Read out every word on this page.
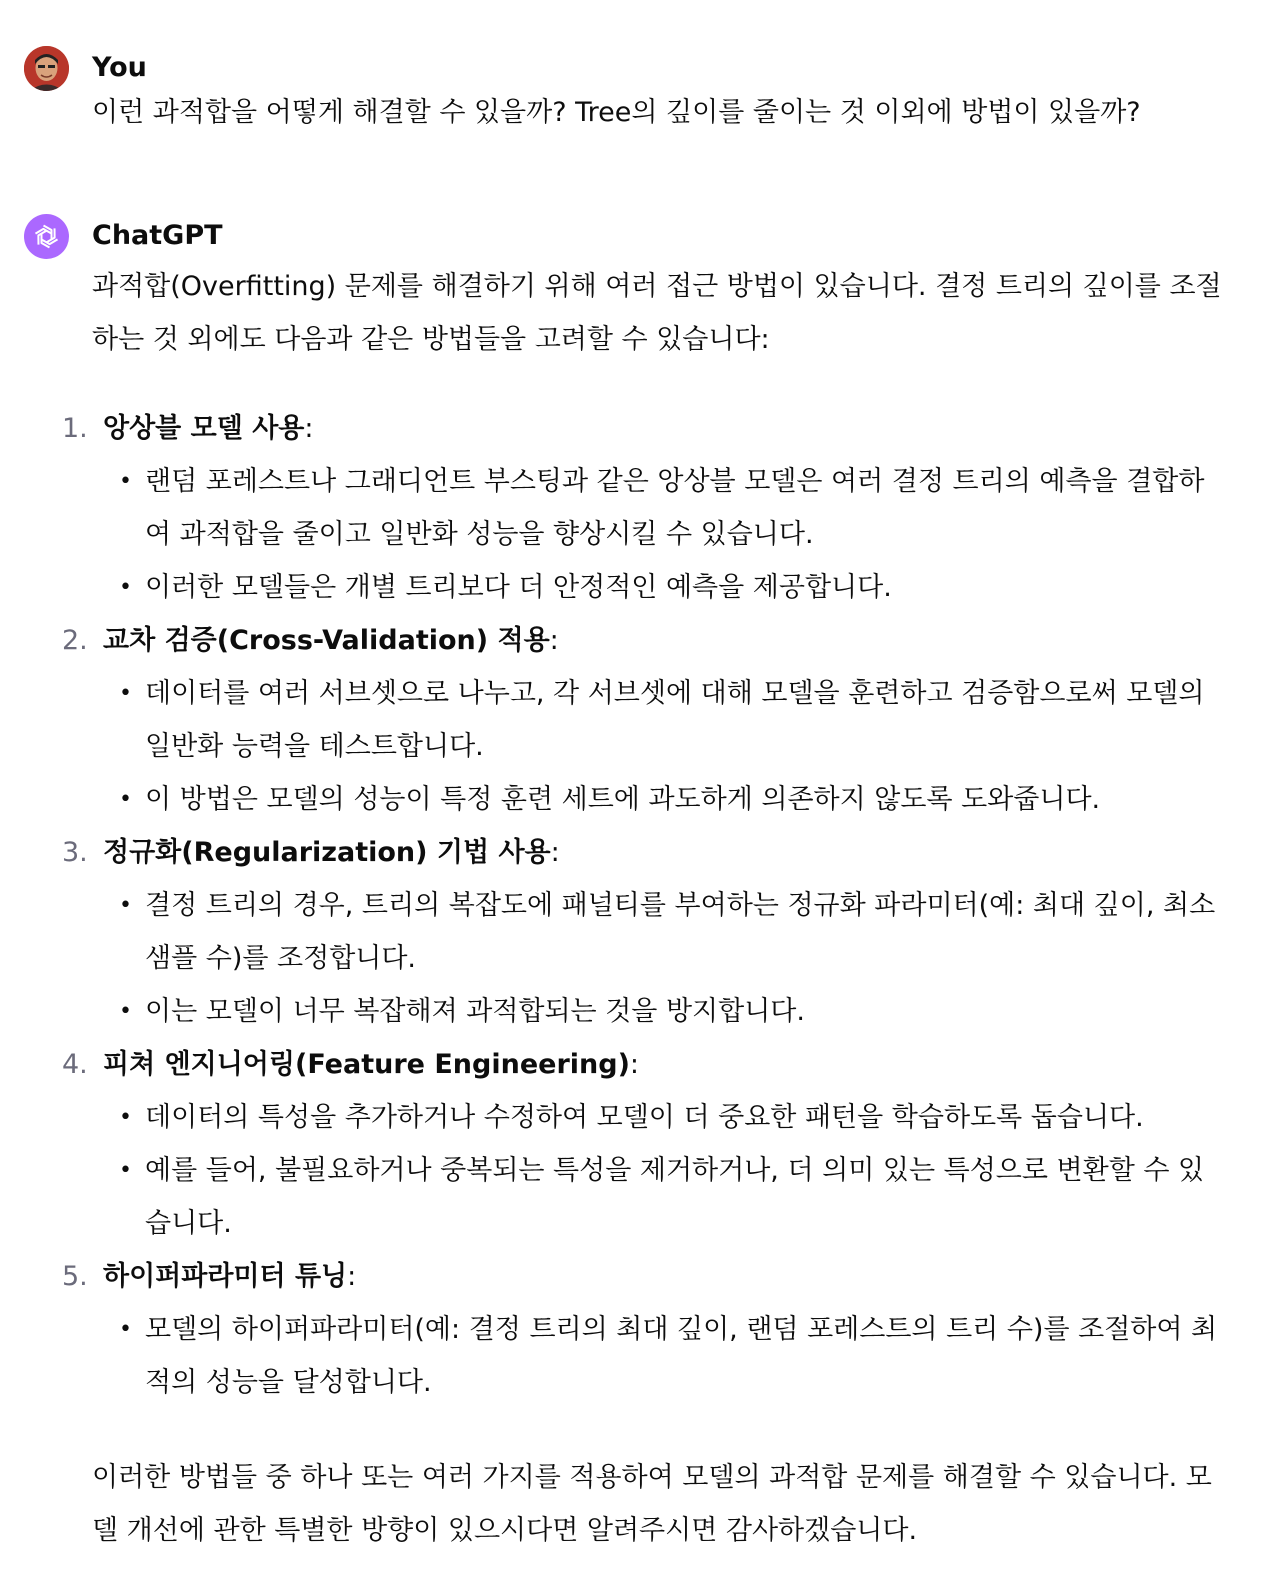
You
이런 과적합을 어떻게 해결할 수 있을까? Tree의 깊이를 줄이는 것 이외에 방법이 있을까?
ChatGPT
과적합(Overfitting) 문제를 해결하기 위해 여러 접근 방법이 있습니다. 결정 트리의 깊이를 조절하는 것 외에도 다음과 같은 방법들을 고려할 수 있습니다:
1. 앙상블 모델 사용:
• 랜덤 포레스트나 그래디언트 부스팅과 같은 앙상블 모델은 여러 결정 트리의 예측을 결합하여 과적합을 줄이고 일반화 성능을 향상시킬 수 있습니다.
• 이러한 모델들은 개별 트리보다 더 안정적인 예측을 제공합니다.
2. 교차 검증(Cross-Validation) 적용:
• 데이터를 여러 서브셋으로 나누고, 각 서브셋에 대해 모델을 훈련하고 검증함으로써 모델의 일반화 능력을 테스트합니다.
• 이 방법은 모델의 성능이 특정 훈련 세트에 과도하게 의존하지 않도록 도와줍니다.
3. 정규화(Regularization) 기법 사용:
• 결정 트리의 경우, 트리의 복잡도에 패널티를 부여하는 정규화 파라미터(예: 최대 깊이, 최소 샘플 수)를 조정합니다.
• 이는 모델이 너무 복잡해져 과적합되는 것을 방지합니다.
4. 피쳐 엔지니어링(Feature Engineering):
• 데이터의 특성을 추가하거나 수정하여 모델이 더 중요한 패턴을 학습하도록 돕습니다.
• 예를 들어, 불필요하거나 중복되는 특성을 제거하거나, 더 의미 있는 특성으로 변환할 수 있습니다.
5. 하이퍼파라미터 튜닝:
• 모델의 하이퍼파라미터(예: 결정 트리의 최대 깊이, 랜덤 포레스트의 트리 수)를 조절하여 최적의 성능을 달성합니다.
이러한 방법들 중 하나 또는 여러 가지를 적용하여 모델의 과적합 문제를 해결할 수 있습니다. 모델 개선에 관한 특별한 방향이 있으시다면 알려주시면 감사하겠습니다.
